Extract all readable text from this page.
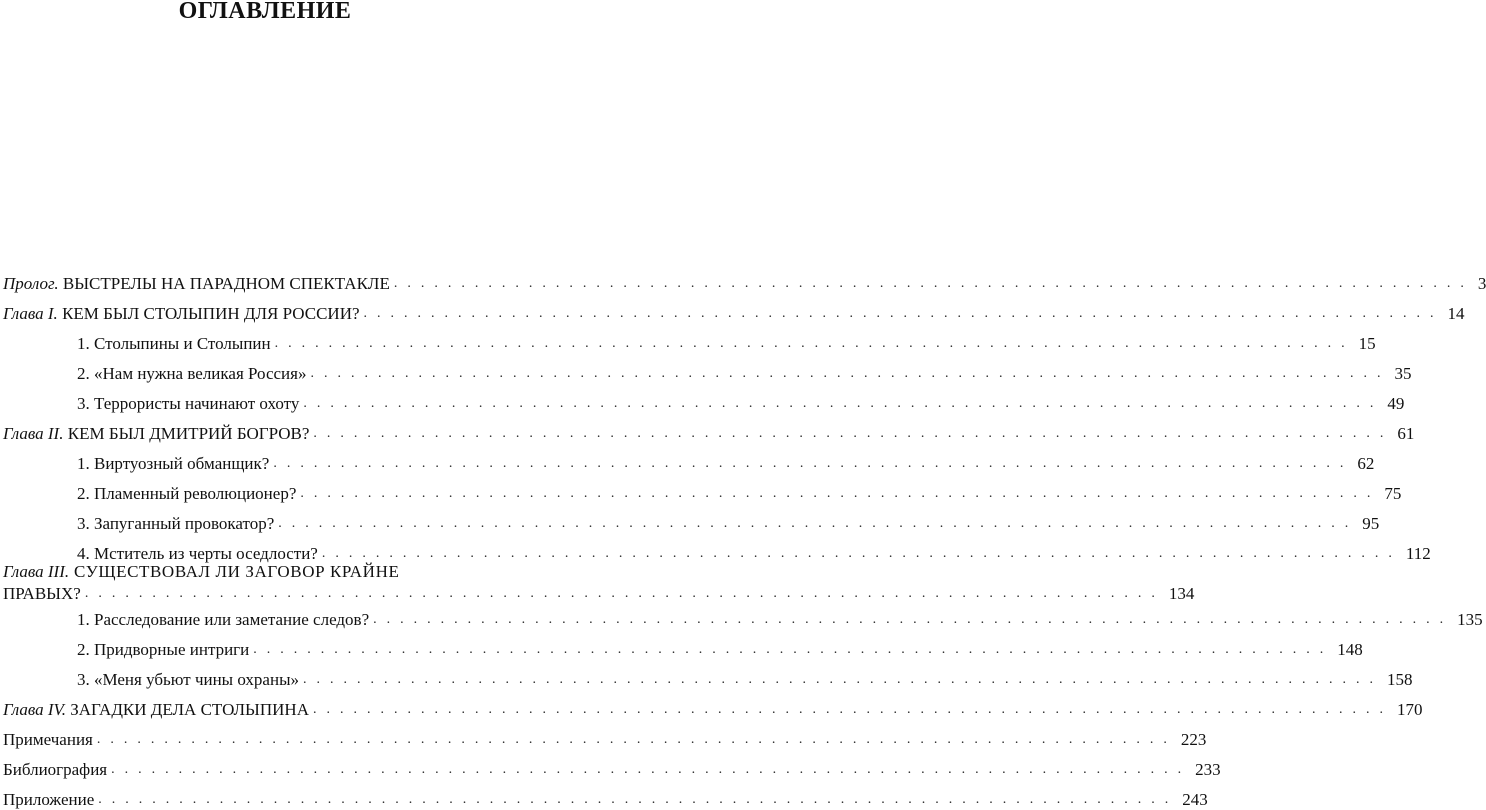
ОГЛАВЛЕНИЕ
Пролог. ВЫСТРЕЛЫ НА ПАРАДНОМ СПЕКТАКЛЕ ................................................................................ 3
Глава I. КЕМ БЫЛ СТОЛЫПИН ДЛЯ РОССИИ? ................................................................................ 14
1. Столыпины и Столыпин ................................................................................ 15
2. «Нам нужна великая Россия» ................................................................................ 35
3. Террористы начинают охоту ................................................................................ 49
Глава II. КЕМ БЫЛ ДМИТРИЙ БОГРОВ? ................................................................................ 61
1. Виртуозный обманщик? ................................................................................ 62
2. Пламенный революционер? ................................................................................ 75
3. Запуганный провокатор? ................................................................................ 95
4. Мститель из черты оседлости? ................................................................................ 112
Глава III. СУЩЕСТВОВАЛ ЛИ ЗАГОВОР КРАЙНЕ
ПРАВЫХ? ................................................................................ 134
1. Расследование или заметание следов? ................................................................................ 135
2. Придворные интриги ................................................................................ 148
3. «Меня убьют чины охраны» ................................................................................ 158
Глава IV. ЗАГАДКИ ДЕЛА СТОЛЫПИНА ................................................................................ 170
Примечания ................................................................................ 223
Библиография ................................................................................ 233
Приложение ................................................................................ 243
